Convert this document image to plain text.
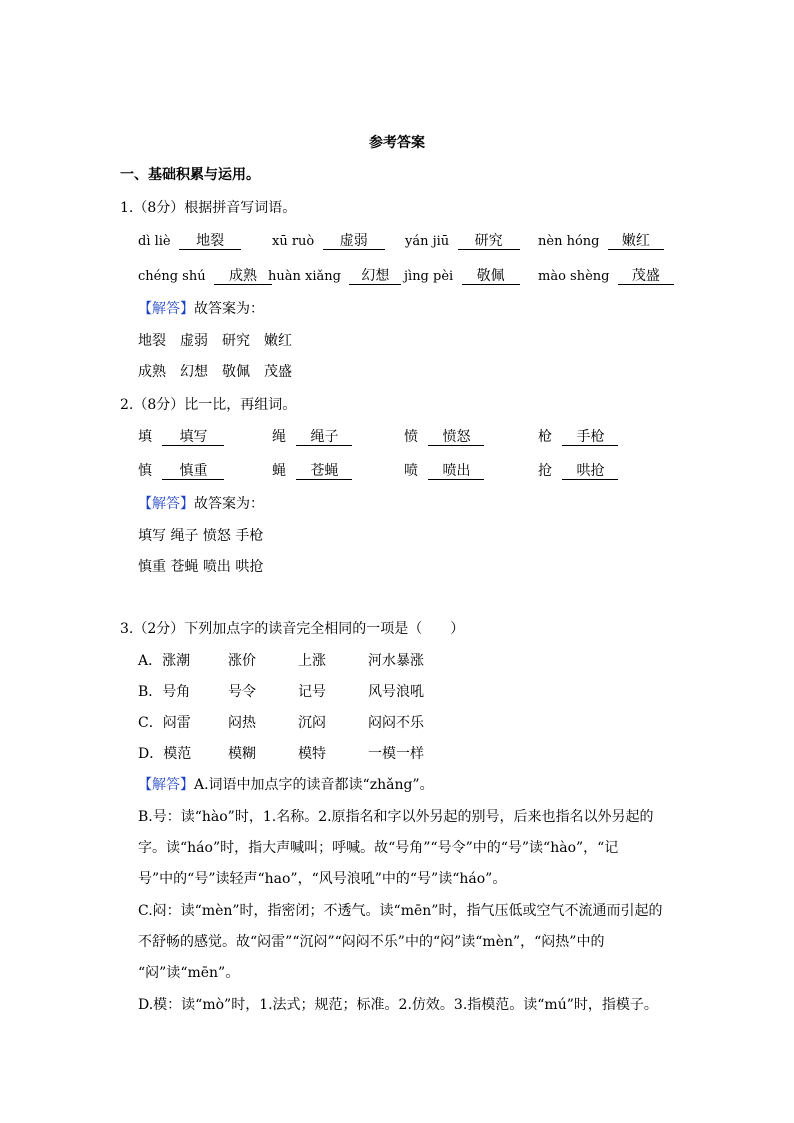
参考答案
一、基础积累与运用。
1.（8分）根据拼音写词语。
dì liè 地裂	xū ruò 虚弱	yán jiū 研究	nèn hóng 嫩红
chéng shú 成熟 huàn xiǎng 幻想	jìng pèi 敬佩	mào shèng 茂盛
【解答】故答案为：
地裂　虚弱　研究　嫩红
成熟　幻想　敬佩　茂盛
2.（8分）比一比，再组词。
填 填写	绳 绳子	愤 愤怒	枪 手枪
慎 慎重	蝇 苍蝇	喷 喷出	抢 哄抢
【解答】故答案为：
填写 绳子 愤怒 手枪
慎重 苍蝇 喷出 哄抢
3.（2分）下列加点字的读音完全相同的一项是（　　）
A．涨潮	涨价	上涨	河水暴涨
B．号角	号令	记号	风号浪吼
C．闷雷	闷热	沉闷	闷闷不乐
D．模范	模糊	模特	一模一样
【解答】A.词语中加点字的读音都读“zhǎng”。
B.号：读“hào”时，1.名称。2.原指名和字以外另起的别号，后来也指名以外另起的
字。读“háo”时，指大声喊叫；呼喊。故“号角”“号令”中的“号”读“hào”，“记
号”中的“号”读轻声“hao”，“风号浪吼”中的“号”读“háo”。
C.闷：读“mèn”时，指密闭；不透气。读“mēn”时，指气压低或空气不流通而引起的
不舒畅的感觉。故“闷雷”“沉闷”“闷闷不乐”中的“闷”读“mèn”，“闷热”中的
“闷”读“mēn”。
D.模：读“mò”时，1.法式；规范；标准。2.仿效。3.指模范。读“mú”时，指模子。
